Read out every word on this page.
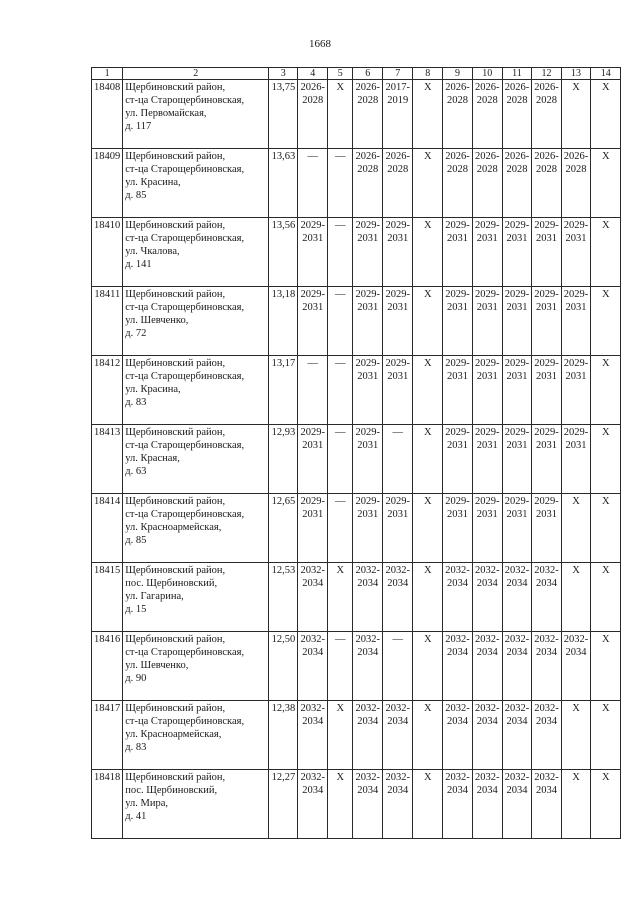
1668
1	2	3	4	5	6	7	8	9	10	11	12	13	14
18408	Щербиновский район,
ст-ца Старощербиновская,
ул. Первомайская,
д. 117	13,75	2026-
2028	X	2026-
2028	2017-
2019	X	2026-
2028	2026-
2028	2026-
2028	2026-
2028	X	X
18409	Щербиновский район,
ст-ца Старощербиновская,
ул. Красина,
д. 85	13,63	—	—	2026-
2028	2026-
2028	X	2026-
2028	2026-
2028	2026-
2028	2026-
2028	2026-
2028	X
18410	Щербиновский район,
ст-ца Старощербиновская,
ул. Чкалова,
д. 141	13,56	2029-
2031	—	2029-
2031	2029-
2031	X	2029-
2031	2029-
2031	2029-
2031	2029-
2031	2029-
2031	X
18411	Щербиновский район,
ст-ца Старощербиновская,
ул. Шевченко,
д. 72	13,18	2029-
2031	—	2029-
2031	2029-
2031	X	2029-
2031	2029-
2031	2029-
2031	2029-
2031	2029-
2031	X
18412	Щербиновский район,
ст-ца Старощербиновская,
ул. Красина,
д. 83	13,17	—	—	2029-
2031	2029-
2031	X	2029-
2031	2029-
2031	2029-
2031	2029-
2031	2029-
2031	X
18413	Щербиновский район,
ст-ца Старощербиновская,
ул. Красная,
д. 63	12,93	2029-
2031	—	2029-
2031	—	X	2029-
2031	2029-
2031	2029-
2031	2029-
2031	2029-
2031	X
18414	Щербиновский район,
ст-ца Старощербиновская,
ул. Красноармейская,
д. 85	12,65	2029-
2031	—	2029-
2031	2029-
2031	X	2029-
2031	2029-
2031	2029-
2031	2029-
2031	X	X
18415	Щербиновский район,
пос. Щербиновский,
ул. Гагарина,
д. 15	12,53	2032-
2034	X	2032-
2034	2032-
2034	X	2032-
2034	2032-
2034	2032-
2034	2032-
2034	X	X
18416	Щербиновский район,
ст-ца Старощербиновская,
ул. Шевченко,
д. 90	12,50	2032-
2034	—	2032-
2034	—	X	2032-
2034	2032-
2034	2032-
2034	2032-
2034	2032-
2034	X
18417	Щербиновский район,
ст-ца Старощербиновская,
ул. Красноармейская,
д. 83	12,38	2032-
2034	X	2032-
2034	2032-
2034	X	2032-
2034	2032-
2034	2032-
2034	2032-
2034	X	X
18418	Щербиновский район,
пос. Щербиновский,
ул. Мира,
д. 41	12,27	2032-
2034	X	2032-
2034	2032-
2034	X	2032-
2034	2032-
2034	2032-
2034	2032-
2034	X	X
